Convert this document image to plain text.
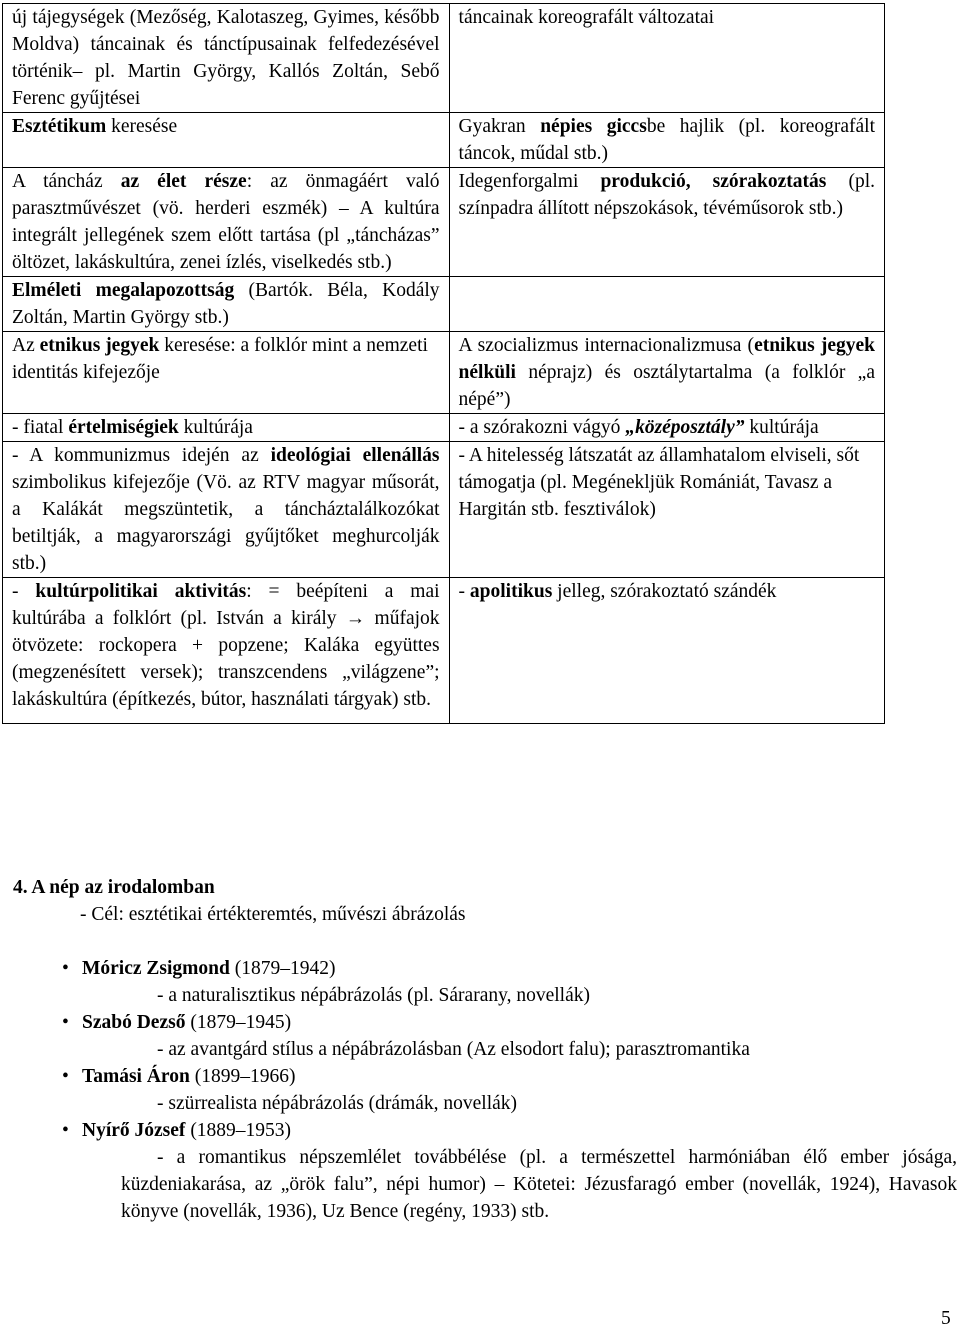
új tájegységek (Mezőség, Kalotaszeg, Gyimes, később Moldva) táncainak és tánctípusainak felfedezésével történik– pl. Martin György, Kallós Zoltán, Sebő Ferenc gyűjtései	táncainak koreografált változatai
Esztétikum keresése	Gyakran népies giccsbe hajlik (pl. koreografált táncok, műdal stb.)
A táncház az élet része: az önmagáért való parasztművészet (vö. herderi eszmék) – A kultúra integrált jellegének szem előtt tartása (pl „táncházas” öltözet, lakáskultúra, zenei ízlés, viselkedés stb.)	Idegenforgalmi produkció, szórakoztatás (pl. színpadra állított népszokások, tévéműsorok stb.)
Elméleti megalapozottság (Bartók. Béla, Kodály Zoltán, Martin György stb.)	
Az etnikus jegyek keresése: a folklór mint a nemzeti identitás kifejezője	A szocializmus internacionalizmusa (etnikus jegyek nélküli néprajz) és osztálytartalma (a folklór „a népé”)
- fiatal értelmiségiek kultúrája	- a szórakozni vágyó „középosztály” kultúrája
- A kommunizmus idején az ideológiai ellenállás szimbolikus kifejezője (Vö. az RTV magyar műsorát, a Kalákát megszüntetik, a táncháztalálkozókat betiltják, a magyarországi gyűjtőket meghurcolják stb.)	- A hitelesség látszatát az államhatalom elviseli, sőt támogatja (pl. Megénekljük Romániát, Tavasz a Hargitán stb. fesztiválok)
- kultúrpolitikai aktivitás: = beépíteni a mai kultúrába a folklórt (pl. István a király → műfajok ötvözete: rockopera + popzene; Kaláka együttes (megzenésített versek); transzcendens „világzene”; lakáskultúra (építkezés, bútor, használati tárgyak) stb.	- apolitikus jelleg, szórakoztató szándék
4. A nép az irodalomban
- Cél: esztétikai értékteremtés, művészi ábrázolás
• Móricz Zsigmond (1879–1942)
- a naturalisztikus népábrázolás (pl. Sárarany, novellák)
• Szabó Dezső (1879–1945)
- az avantgárd stílus a népábrázolásban (Az elsodort falu); parasztromantika
• Tamási Áron (1899–1966)
- szürrealista népábrázolás (drámák, novellák)
• Nyírő József (1889–1953)
- a romantikus népszemlélet továbbélése (pl. a természettel harmóniában élő ember jósága, küzdeniakarása, az „örök falu”, népi humor) – Kötetei: Jézusfaragó ember (novellák, 1924), Havasok könyve (novellák, 1936), Uz Bence (regény, 1933) stb.
5
